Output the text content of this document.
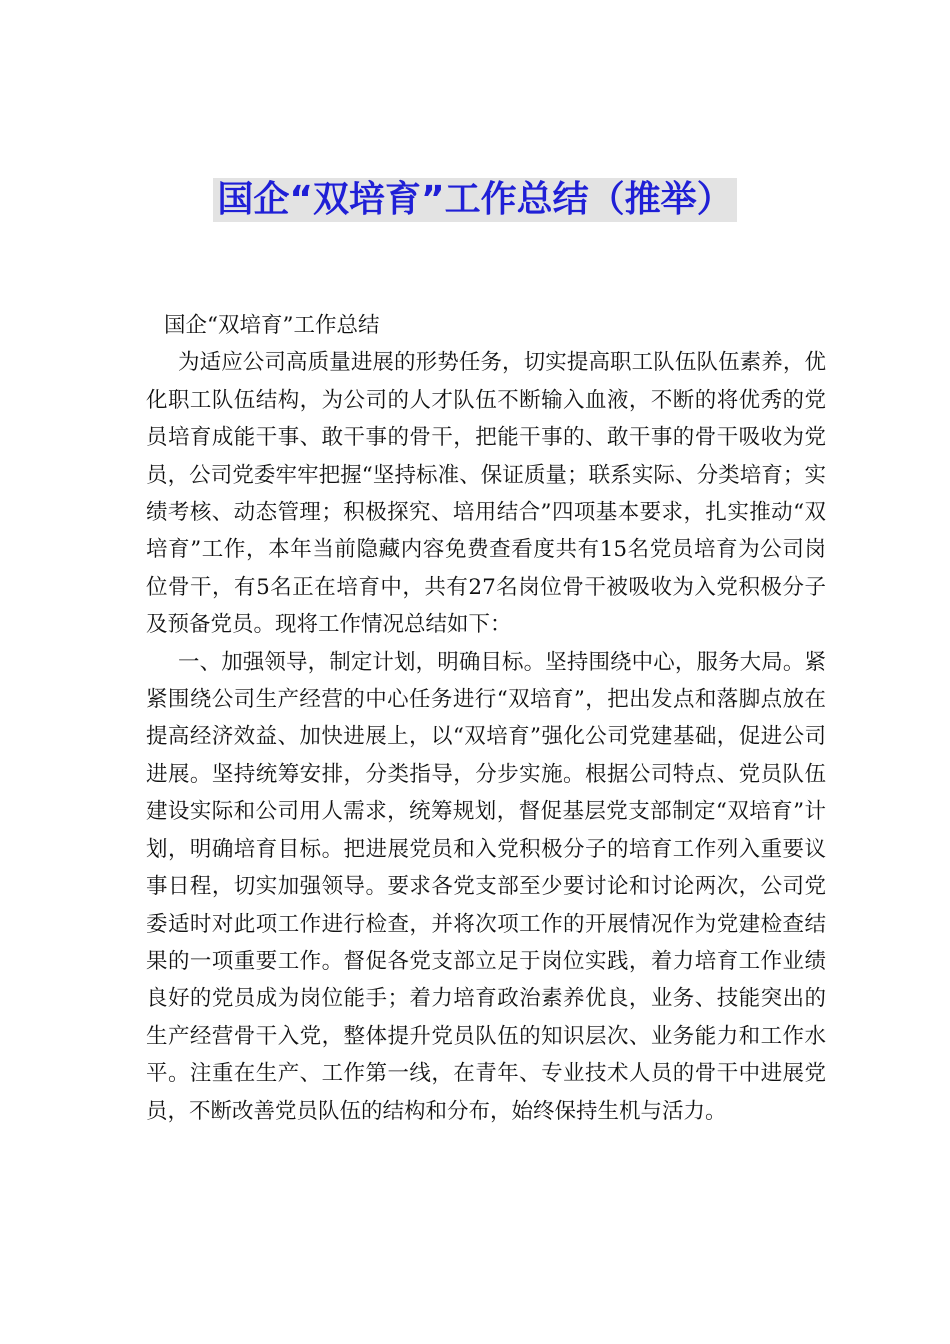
国企“双培育”工作总结（推举）

国企“双培育”工作总结

为适应公司高质量进展的形势任务，切实提高职工队伍队伍素养，优化职工队伍结构，为公司的人才队伍不断输入血液，不断的将优秀的党员培育成能干事、敢干事的骨干，把能干事的、敢干事的骨干吸收为党员，公司党委牢牢把握“坚持标准、保证质量；联系实际、分类培育；实绩考核、动态管理；积极探究、培用结合”四项基本要求，扎实推动“双培育”工作，本年当前隐藏内容免费查看度共有15名党员培育为公司岗位骨干，有5名正在培育中，共有27名岗位骨干被吸收为入党积极分子及预备党员。现将工作情况总结如下：

一、加强领导，制定计划，明确目标。坚持围绕中心，服务大局。紧紧围绕公司生产经营的中心任务进行“双培育”，把出发点和落脚点放在提高经济效益、加快进展上，以“双培育”强化公司党建基础，促进公司进展。坚持统筹安排，分类指导，分步实施。根据公司特点、党员队伍建设实际和公司用人需求，统筹规划，督促基层党支部制定“双培育”计划，明确培育目标。把进展党员和入党积极分子的培育工作列入重要议事日程，切实加强领导。要求各党支部至少要讨论和讨论两次，公司党委适时对此项工作进行检查，并将次项工作的开展情况作为党建检查结果的一项重要工作。督促各党支部立足于岗位实践，着力培育工作业绩良好的党员成为岗位能手；着力培育政治素养优良，业务、技能突出的生产经营骨干入党，整体提升党员队伍的知识层次、业务能力和工作水平。注重在生产、工作第一线，在青年、专业技术人员的骨干中进展党员，不断改善党员队伍的结构和分布，始终保持生机与活力。
